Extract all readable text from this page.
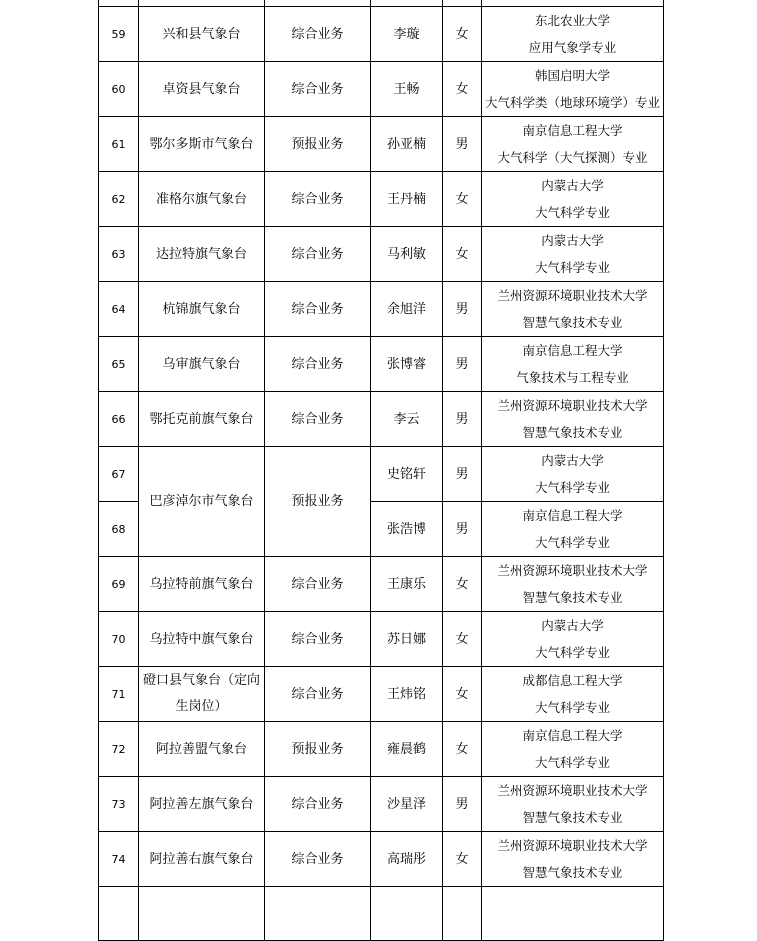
59	兴和县气象台	综合业务	李璇	女	东北农业大学
应用气象学专业

60	卓资县气象台	综合业务	王畅	女	韩国启明大学
大气科学类（地球环境学）专业

61	鄂尔多斯市气象台	预报业务	孙亚楠	男	南京信息工程大学
大气科学（大气探测）专业

62	准格尔旗气象台	综合业务	王丹楠	女	内蒙古大学
大气科学专业

63	达拉特旗气象台	综合业务	马利敏	女	内蒙古大学
大气科学专业

64	杭锦旗气象台	综合业务	余旭洋	男	兰州资源环境职业技术大学
智慧气象技术专业

65	乌审旗气象台	综合业务	张博睿	男	南京信息工程大学
气象技术与工程专业

66	鄂托克前旗气象台	综合业务	李云	男	兰州资源环境职业技术大学
智慧气象技术专业

67	巴彦淖尔市气象台	预报业务	史铭轩	男	内蒙古大学
大气科学专业

68			张浩博	男	南京信息工程大学
大气科学专业

69	乌拉特前旗气象台	综合业务	王康乐	女	兰州资源环境职业技术大学
智慧气象技术专业

70	乌拉特中旗气象台	综合业务	苏日娜	女	内蒙古大学
大气科学专业

71	磴口县气象台（定向
生岗位）	综合业务	王炜铭	女	成都信息工程大学
大气科学专业

72	阿拉善盟气象台	预报业务	雍晨鹤	女	南京信息工程大学
大气科学专业

73	阿拉善左旗气象台	综合业务	沙星泽	男	兰州资源环境职业技术大学
智慧气象技术专业

74	阿拉善右旗气象台	综合业务	高瑞彤	女	兰州资源环境职业技术大学
智慧气象技术专业
